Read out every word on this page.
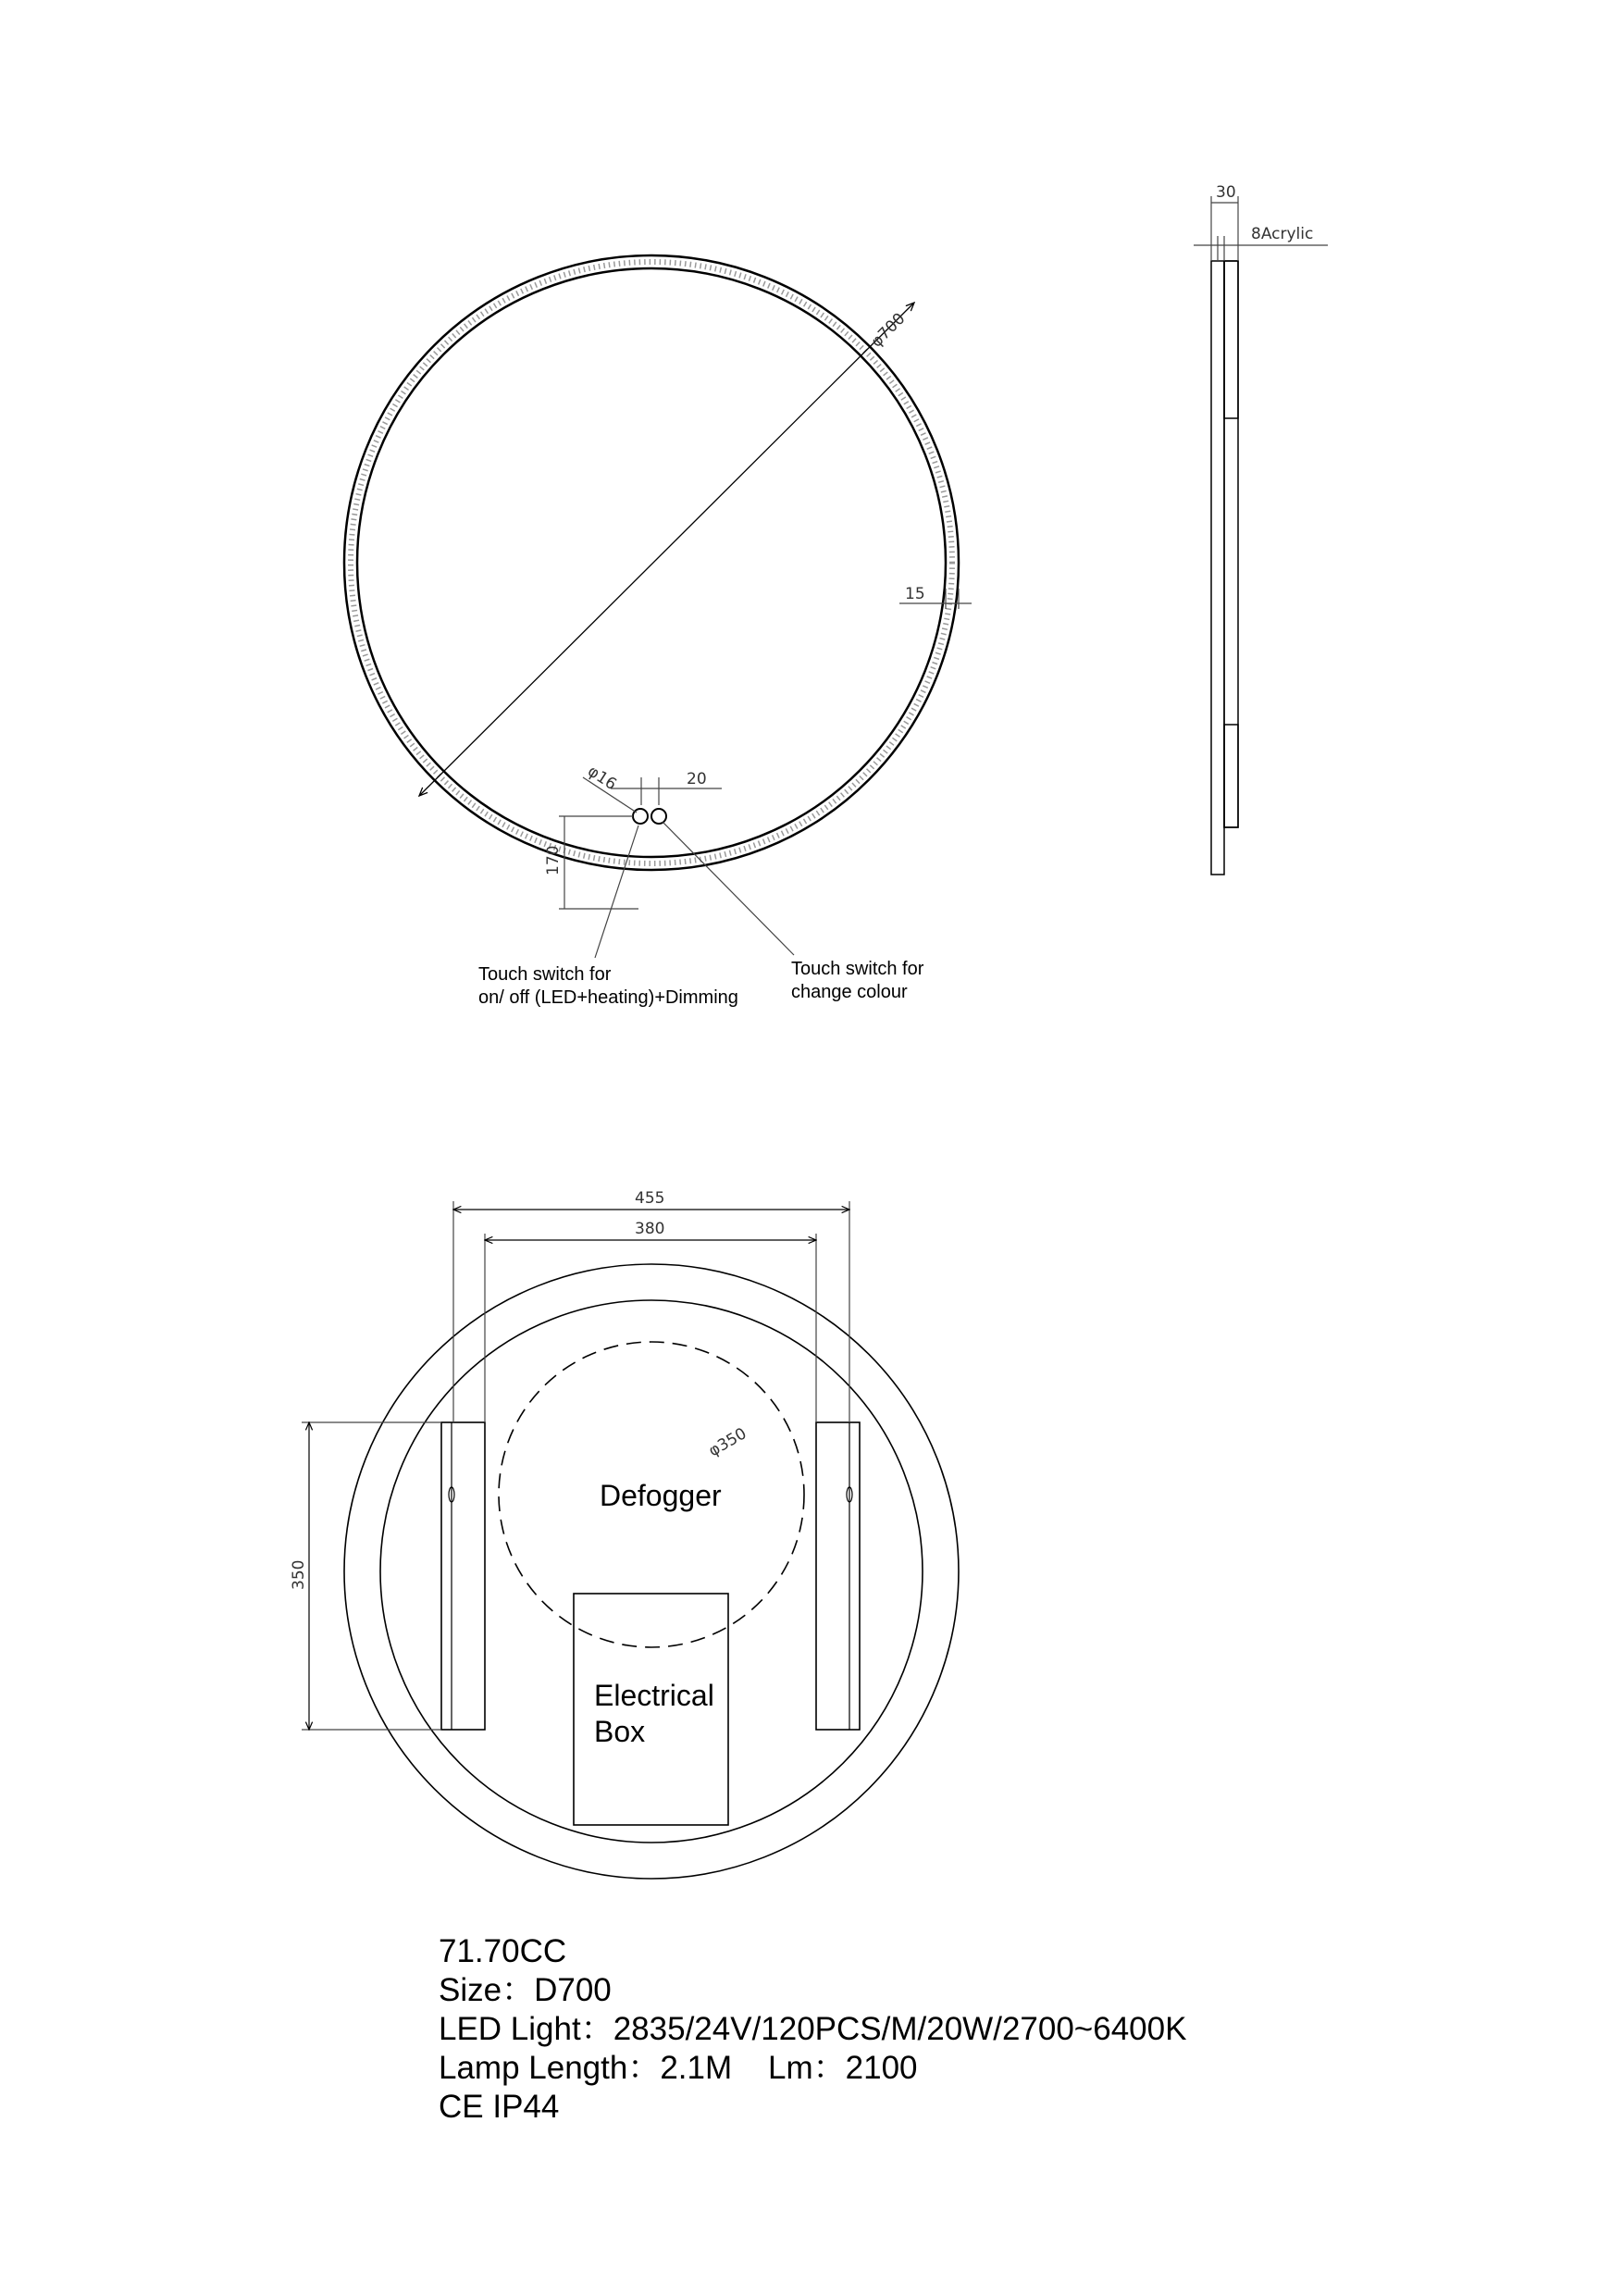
φ700
15
φ16	20
170
Touch switch for
on/ off (LED+heating)+Dimming
Touch switch for
change colour
30
8Acrylic
φ350
Defogger
Electrical
Box
455
380
350
71.70CC
Size：D700
LED Light：2835/24V/120PCS/M/20W/2700~6400K
Lamp Length：2.1M    Lm：2100
CE IP44
